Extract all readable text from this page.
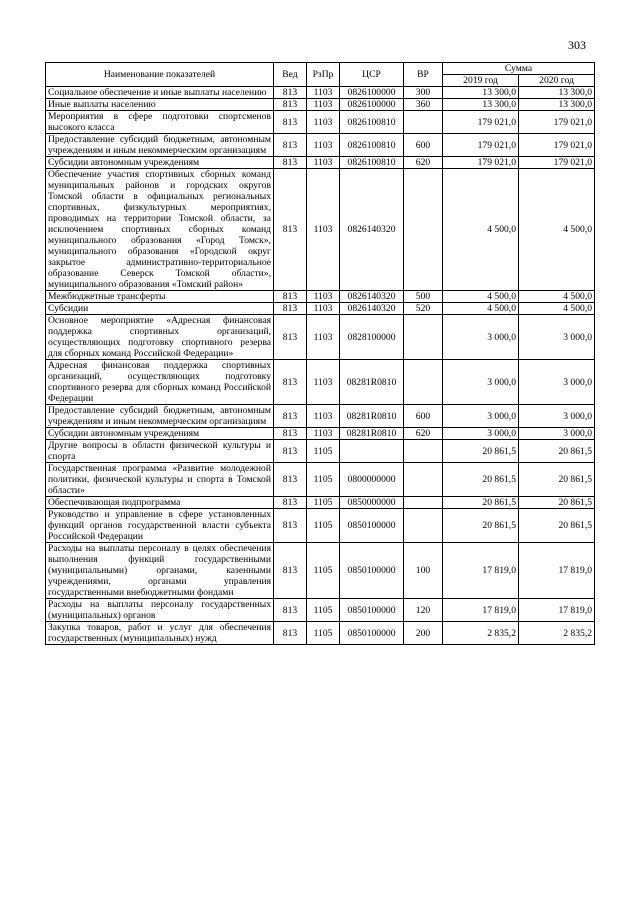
303
Наименование показателей	Вед	РзПр	ЦСР	ВР	Сумма	
					2019 год	2020 год
Социальное обеспечение и иные выплаты населению	813	1103	0826100000	300	13 300,0	13 300,0
Иные выплаты населению	813	1103	0826100000	360	13 300,0	13 300,0
Мероприятия в сфере подготовки спортсменов высокого класса	813	1103	0826100810		179 021,0	179 021,0
Предоставление субсидий бюджетным, автономным учреждениям и иным некоммерческим организациям	813	1103	0826100810	600	179 021,0	179 021,0
Субсидии автономным учреждениям	813	1103	0826100810	620	179 021,0	179 021,0
Обеспечение участия спортивных сборных команд муниципальных районов и городских округов Томской области в официальных региональных спортивных, физкультурных мероприятиях, проводимых на территории Томской области, за исключением спортивных сборных команд муниципального образования «Город Томск», муниципального образования «Городской округ закрытое административно-территориальное образование Северск Томской области», муниципального образования «Томский район»	813	1103	0826140320		4 500,0	4 500,0
Межбюджетные трансферты	813	1103	0826140320	500	4 500,0	4 500,0
Субсидии	813	1103	0826140320	520	4 500,0	4 500,0
Основное мероприятие «Адресная финансовая поддержка спортивных организаций, осуществляющих подготовку спортивного резерва для сборных команд Российской Федерации»	813	1103	0828100000		3 000,0	3 000,0
Адресная финансовая поддержка спортивных организаций, осуществляющих подготовку спортивного резерва для сборных команд Российской Федерации	813	1103	08281R0810		3 000,0	3 000,0
Предоставление субсидий бюджетным, автономным учреждениям и иным некоммерческим организациям	813	1103	08281R0810	600	3 000,0	3 000,0
Субсидии автономным учреждениям	813	1103	08281R0810	620	3 000,0	3 000,0
Другие вопросы в области физической культуры и спорта	813	1105			20 861,5	20 861,5
Государственная программа «Развитие молодежной политики, физической культуры и спорта в Томской области»	813	1105	0800000000		20 861,5	20 861,5
Обеспечивающая подпрограмма	813	1105	0850000000		20 861,5	20 861,5
Руководство и управление в сфере установленных функций органов государственной власти субъекта Российской Федерации	813	1105	0850100000		20 861,5	20 861,5
Расходы на выплаты персоналу в целях обеспечения выполнения функций государственными (муниципальными) органами, казенными учреждениями, органами управления государственными внебюджетными фондами	813	1105	0850100000	100	17 819,0	17 819,0
Расходы на выплаты персоналу государственных (муниципальных) органов	813	1105	0850100000	120	17 819,0	17 819,0
Закупка товаров, работ и услуг для обеспечения государственных (муниципальных) нужд	813	1105	0850100000	200	2 835,2	2 835,2
